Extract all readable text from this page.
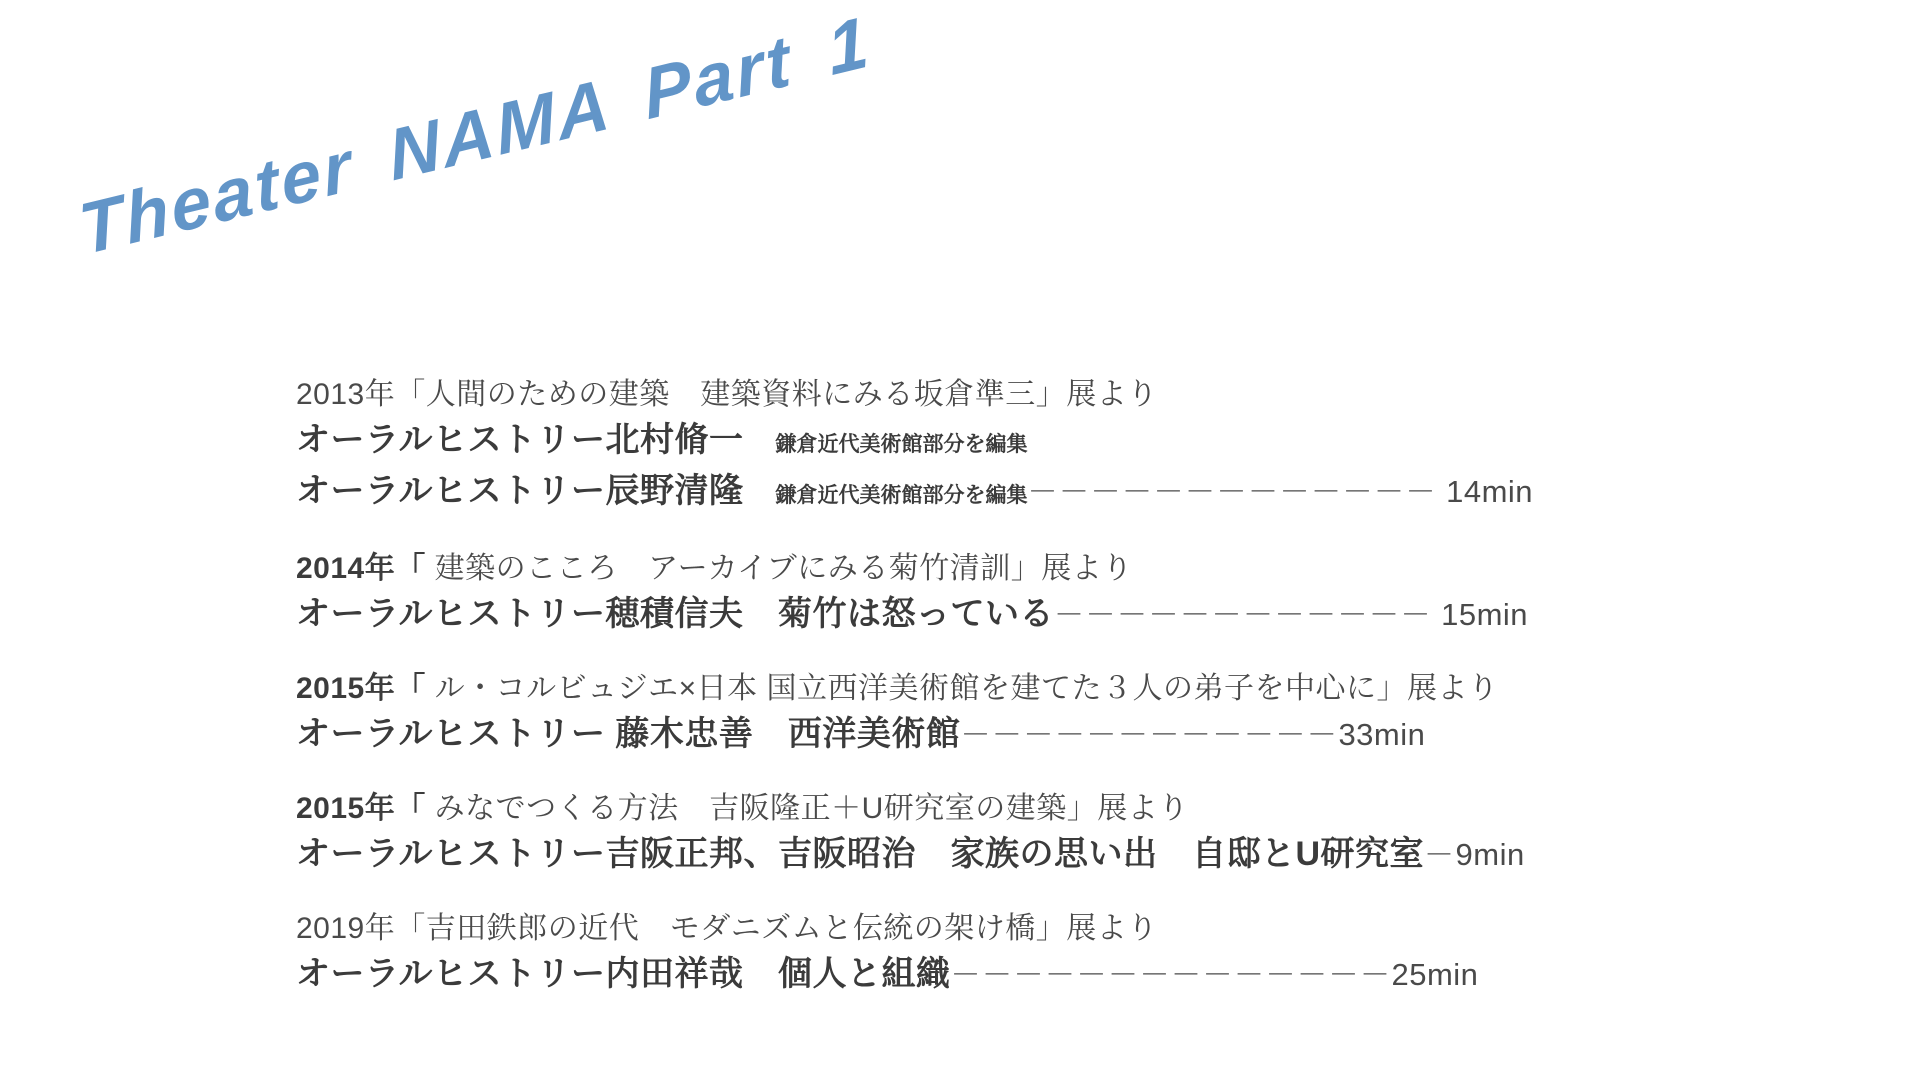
Theater NAMA Part 1

2013年「人間のための建築　建築資料にみる坂倉準三」展より

オーラルヒストリー北村脩一 鎌倉近代美術館部分を編集

オーラルヒストリー辰野清隆 鎌倉近代美術館部分を編集－－－－－－－－－－－－－ 14min

2014年「 建築のこころ　アーカイブにみる菊竹清訓」展より

オーラルヒストリー穂積信夫　菊竹は怒っている－－－－－－－－－－－－ 15min

2015年「 ル・コルビュジエ×日本 国立西洋美術館を建てた３人の弟子を中心に」展より

オーラルヒストリー 藤木忠善　西洋美術館－－－－－－－－－－－－33min

2015年「 みなでつくる方法　吉阪隆正＋U研究室の建築」展より

オーラルヒストリー吉阪正邦、吉阪昭治　家族の思い出　自邸とU研究室－9min

2019年「吉田鉄郎の近代　モダニズムと伝統の架け橋」展より

オーラルヒストリー内田祥哉　個人と組織－－－－－－－－－－－－－－25min
